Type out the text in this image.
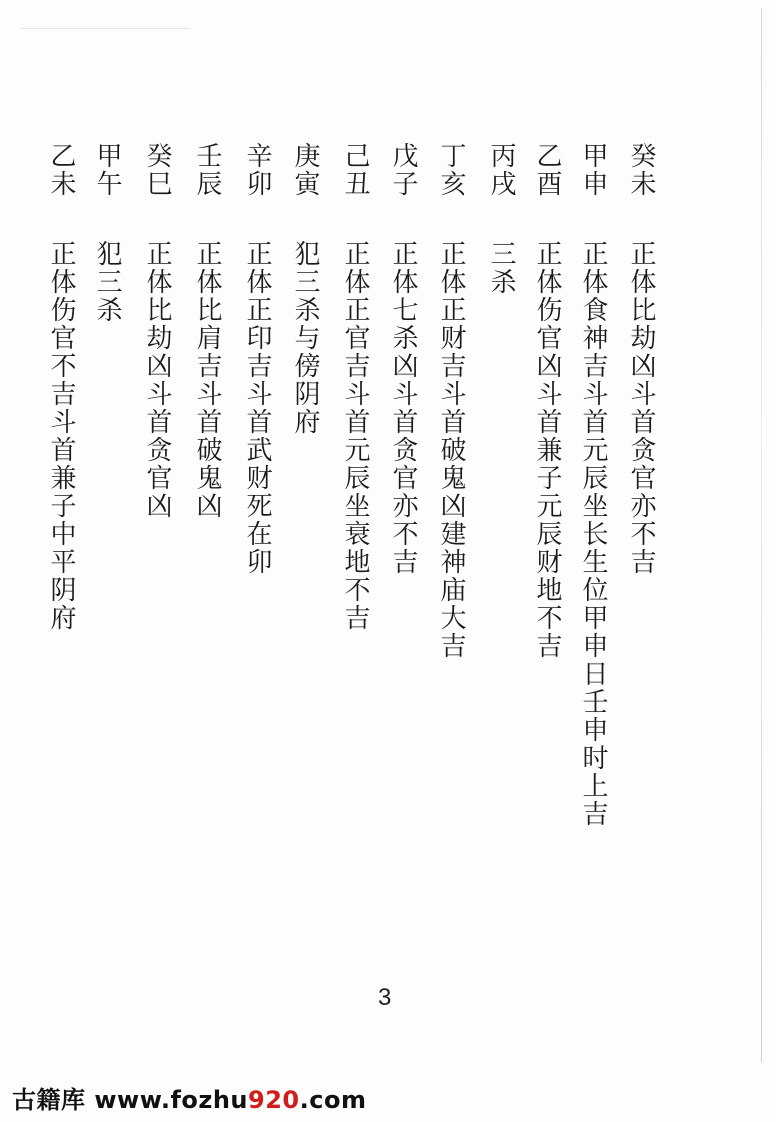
癸未
正体比劫凶斗首贪官亦不吉
甲申
正体食神吉斗首元辰坐长生位甲申日壬申时上吉
乙酉
正体伤官凶斗首兼子元辰财地不吉
丙戌
三杀
丁亥
正体正财吉斗首破鬼凶建神庙大吉
戊子
正体七杀凶斗首贪官亦不吉
己丑
正体正官吉斗首元辰坐衰地不吉
庚寅
犯三杀与傍阴府
辛卯
正体正印吉斗首武财死在卯
壬辰
正体比肩吉斗首破鬼凶
癸巳
正体比劫凶斗首贪官凶
甲午
犯三杀
乙未
正体伤官不吉斗首兼子中平阴府
3
古籍库 www.fozhu920.com
